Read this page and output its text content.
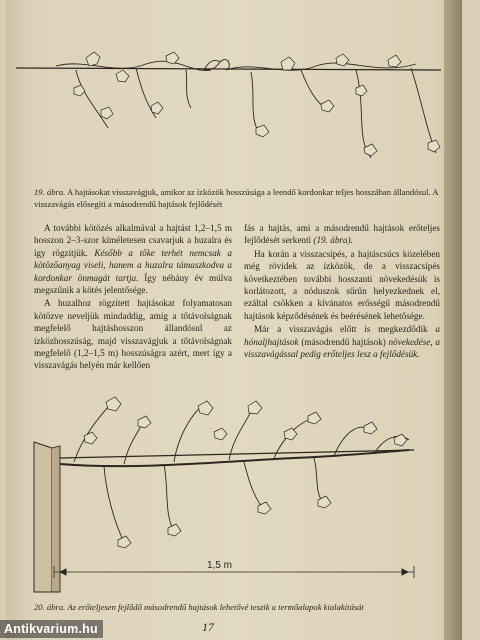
19. ábra. A hajtásokat visszavágjuk, amikor az ízközök hosszúsága a leendő kordonkar teljes hosszában állandósul. A visszavágás elősegíti a másodrendű hajtások fejlődését

A további kötözés alkalmával a hajtást 1,2–1,5 m hosszon 2–3-szor kíméletesen csavarjuk a huzalra és így rögzítjük. Később a tőke terhét nemcsak a kötözőanyag viseli, hanem a huzalra támaszkodva a kordonkar önmagát tartja. Így néhány év múlva megszűnik a kötés jelentősége.

A huzalhoz rögzített hajtásokat folyamatosan kötözve neveljük mindaddig, amíg a tőtávolságnak megfelelő hajtáshosszon állandósul az ízközhosszúság, majd visszavágjuk a tőtávolságnak megfelelő (1,2–1,5 m) hosszúságra azért, mert így a visszavágás helyén már kellően

fás a hajtás, ami a másodrendű hajtások erőteljes fejlődését serkenti (19. ábra).

Ha korán a visszacsípés, a hajtáscsúcs közelében még rövidek az ízközök, de a visszacsípés következtében további hosszanti növekedésük is korlátozott, a nóduszok sűrűn helyezkednek el, ezáltal csökken a kívánatos erősségű másodrendű hajtások képződésének és beérésének lehetősége.

Már a visszavágás előtt is megkezdődik a hónaljhajtások (másodrendű hajtások) növekedése, a visszavágással pedig erőteljes lesz a fejlődésük.

1,5 m
20. ábra. Az erőteljesen fejlődő másodrendű hajtások lehetővé teszik a termőalapok kialakítását
17
Antikvarium.hu
